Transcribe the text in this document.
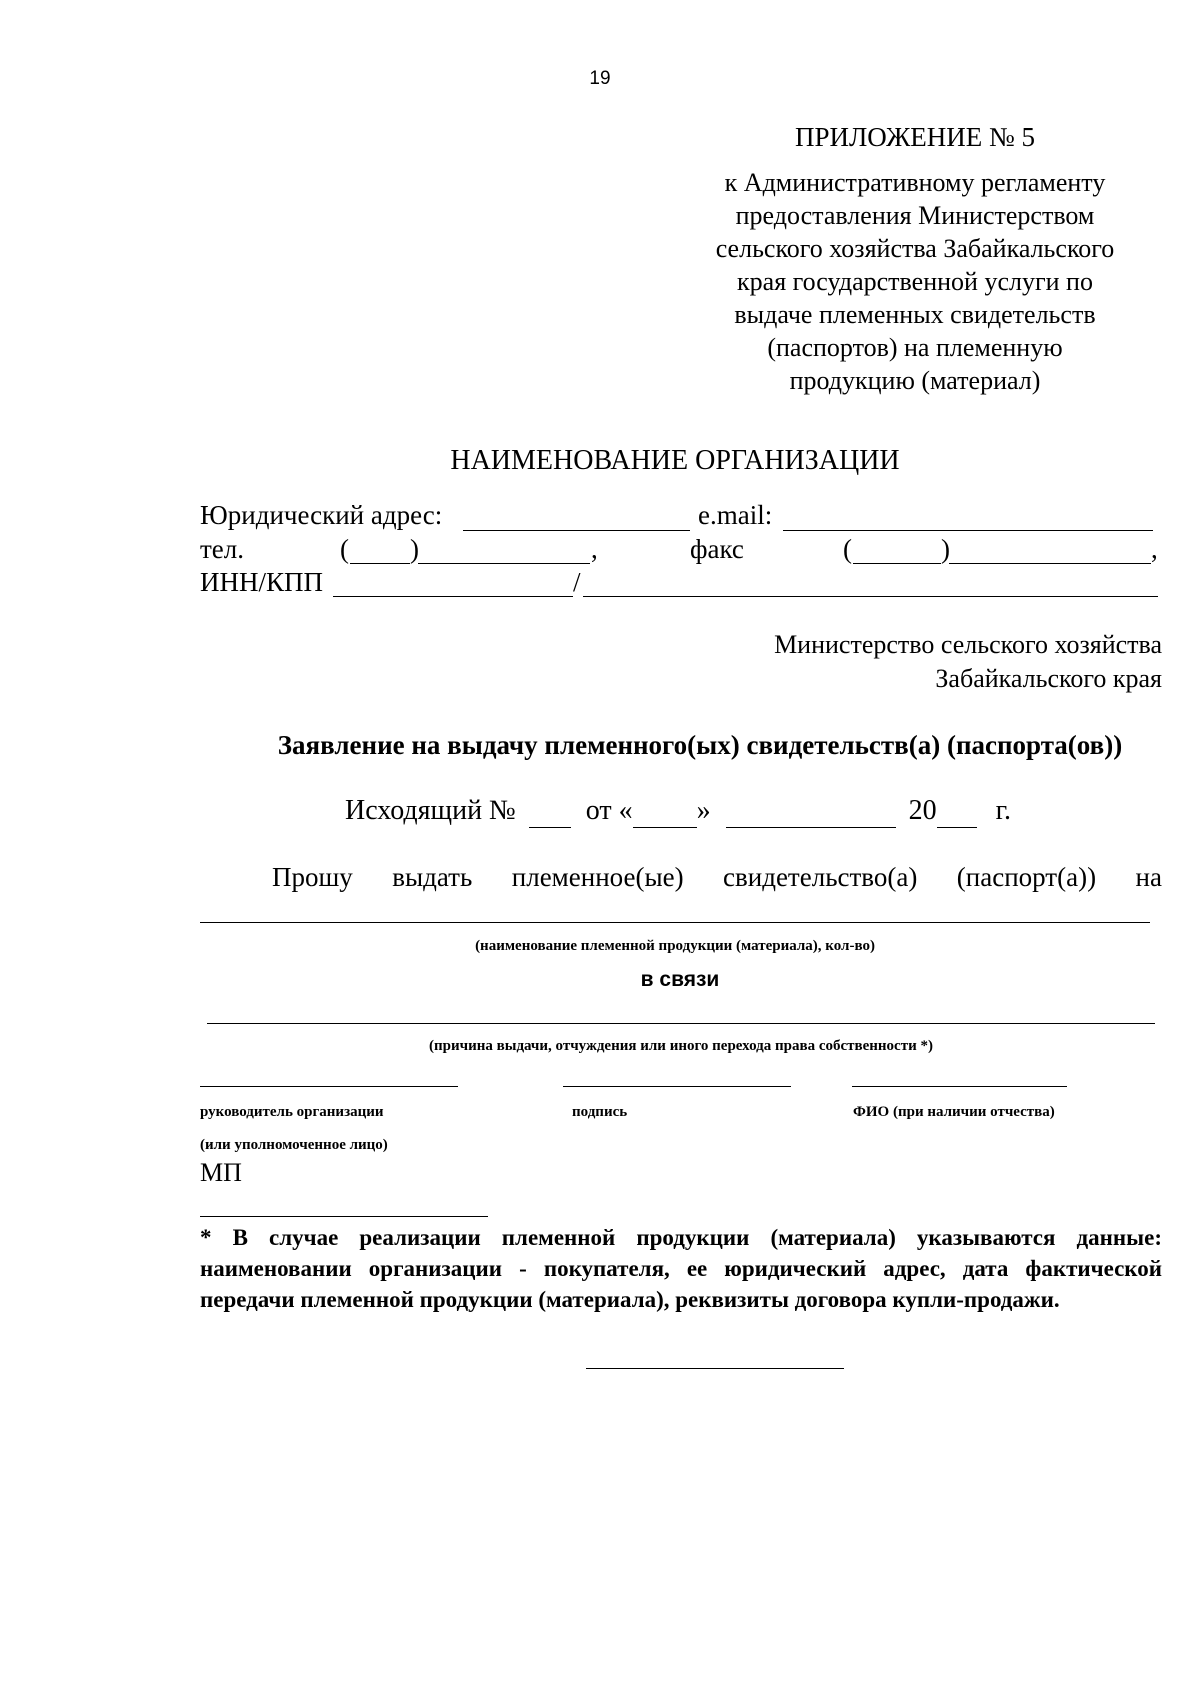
19
ПРИЛОЖЕНИЕ № 5
к Административному регламенту
предоставления Министерством
сельского хозяйства Забайкальского
края государственной услуги по
выдаче племенных свидетельств
(паспортов) на племенную
продукцию (материал)
НАИМЕНОВАНИЕ ОРГАНИЗАЦИИ
Юридический адрес:	e.mail:
тел.	( )	,	факс	(	)	,
ИНН/КПП	/
Министерство сельского хозяйства
Забайкальского края
Заявление на выдачу племенного(ых) свидетельств(а) (паспорта(ов))
Исходящий №	от « »	20 г.
Прошу выдать племенное(ые) свидетельство(а) (паспорт(а)) на
(наименование племенной продукции (материала), кол-во)
в связи
(причина выдачи, отчуждения или иного перехода права собственности *)
руководитель организации	подпись	ФИО (при наличии отчества)
(или уполномоченное лицо)
МП
* В случае реализации племенной продукции (материала) указываются данные: наименовании организации - покупателя, ее юридический адрес, дата фактической передачи племенной продукции (материала), реквизиты договора купли-продажи.
